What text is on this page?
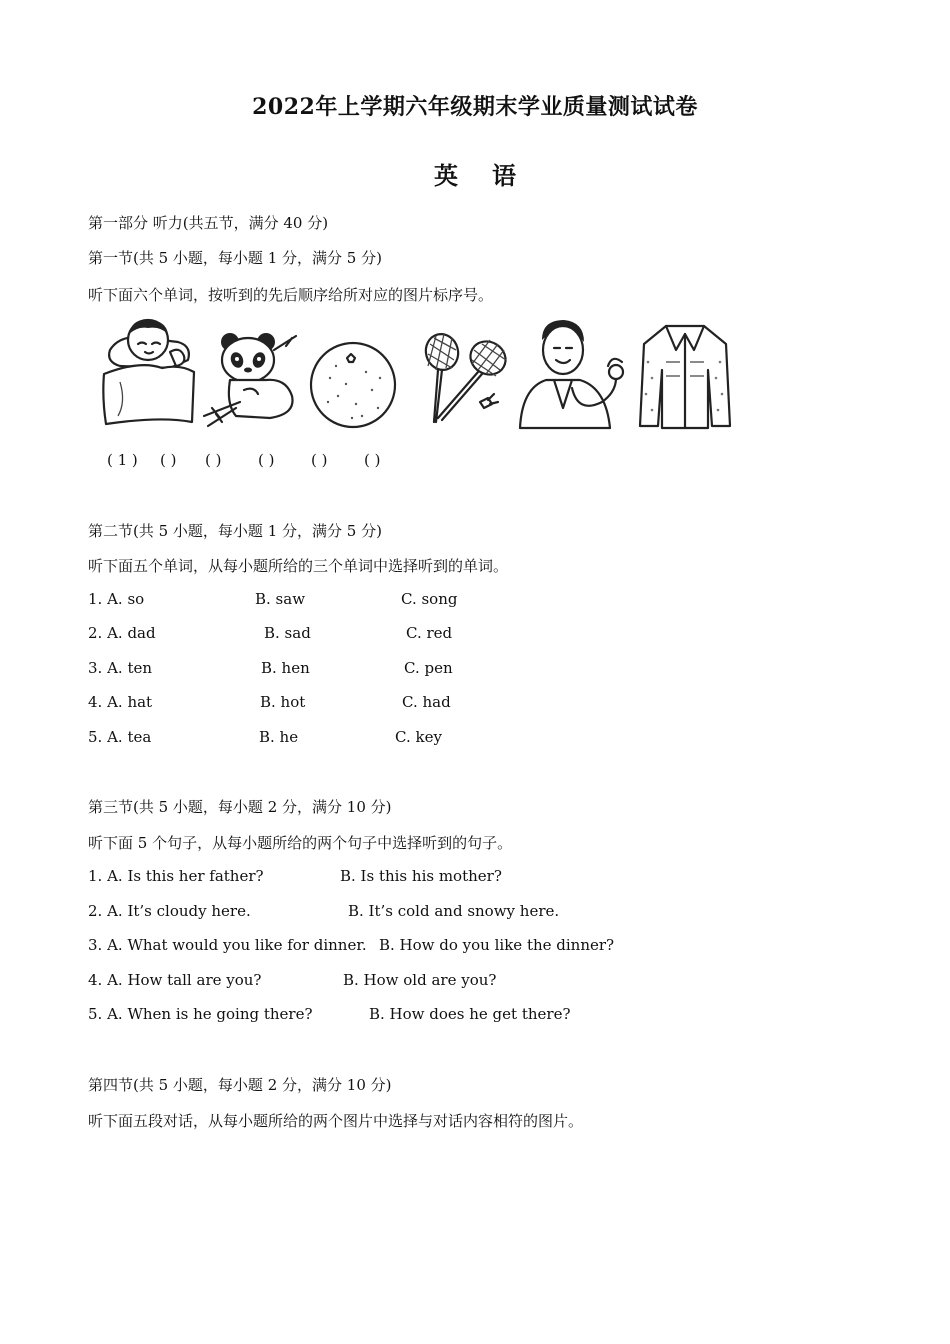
2022年上学期六年级期末学业质量测试试卷
英语
第一部分 听力(共五节，满分 40 分)
第一节(共 5 小题，每小题 1 分，满分 5 分)
听下面六个单词，按听到的先后顺序给所对应的图片标序号。
( 1 ) ( ) ( ) ( ) ( ) ( )
第二节(共 5 小题，每小题 1 分，满分 5 分)
听下面五个单词，从每小题所给的三个单词中选择听到的单词。
1. A. so	B. saw	C. song
2. A. dad	B. sad	C. red
3. A. ten	B. hen	C. pen
4. A. hat	B. hot	C. had
5. A. tea	B. he	C. key
第三节(共 5 小题，每小题 2 分，满分 10 分)
听下面 5 个句子，从每小题所给的两个句子中选择听到的句子。
1. A. Is this her father?	B. Is this his mother?
2. A. It’s cloudy here.	B. It’s cold and snowy here.
3. A. What would you like for dinner. B. How do you like the dinner?
4. A. How tall are you?	B. How old are you?
5. A. When is he going there?	B. How does he get there?
第四节(共 5 小题，每小题 2 分，满分 10 分)
听下面五段对话，从每小题所给的两个图片中选择与对话内容相符的图片。
